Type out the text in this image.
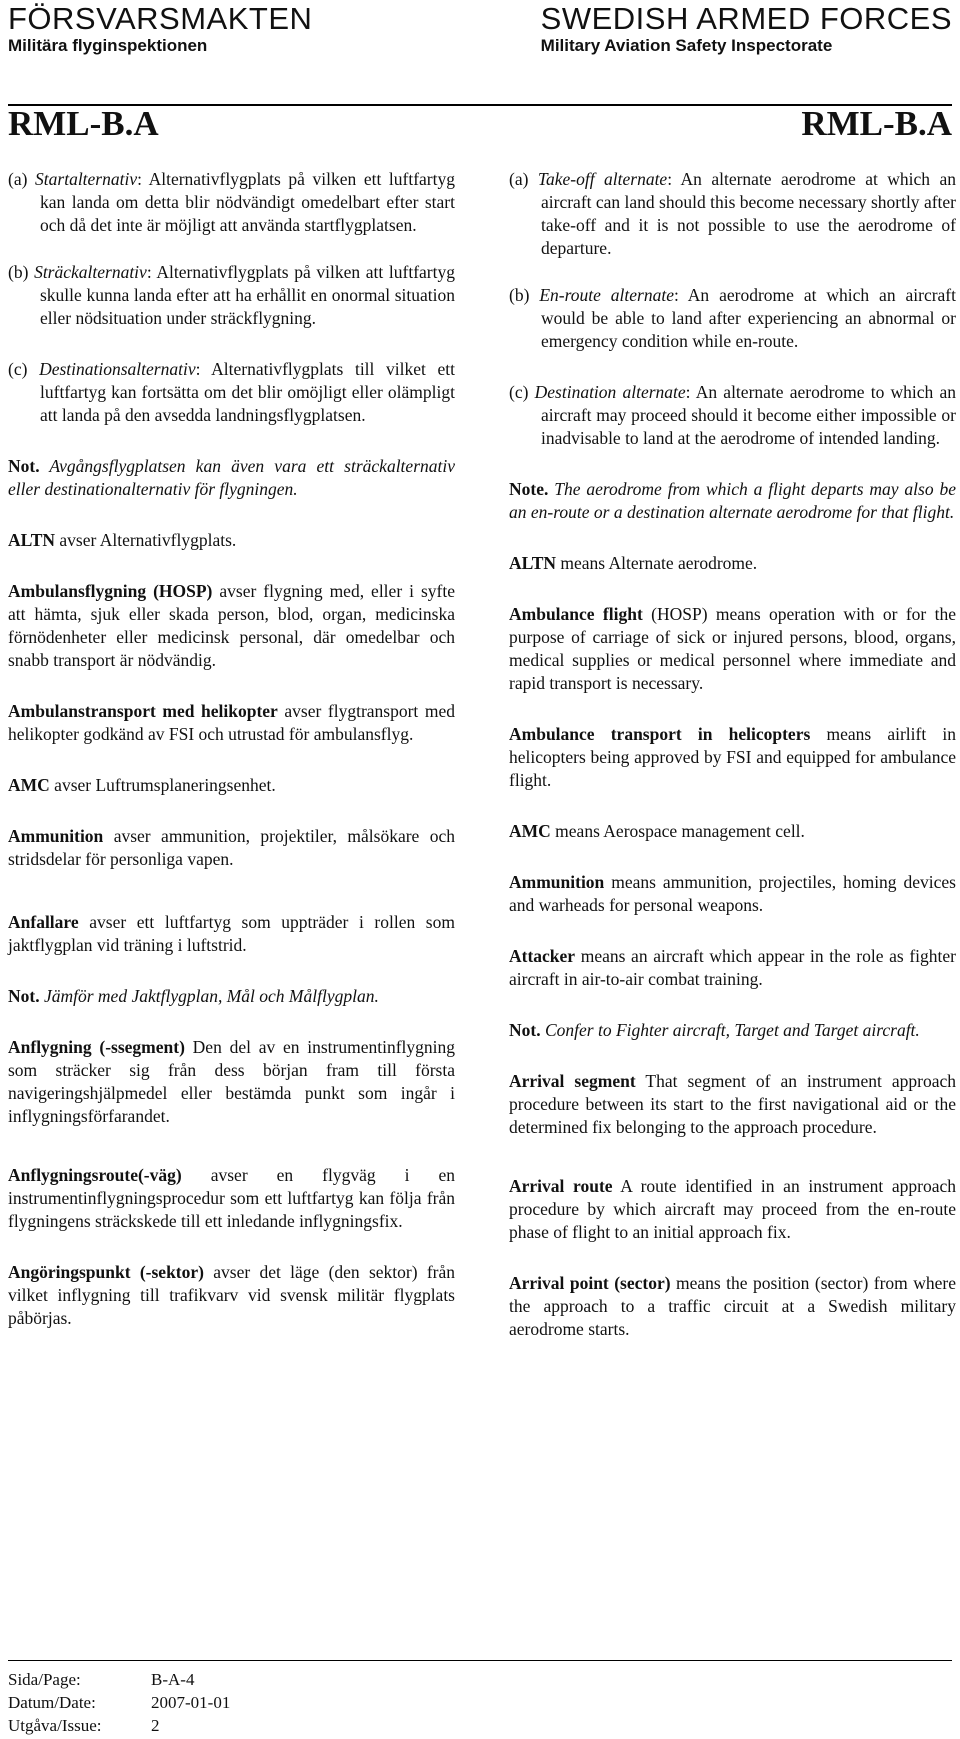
FÖRSVARSMAKTEN
Militära flyginspektionen
SWEDISH ARMED FORCES
Military Aviation Safety Inspectorate
RML-B.A	RML-B.A
(a) Startalternativ: Alternativflygplats på vilken ett luftfartyg kan landa om detta blir nödvändigt omedelbart efter start och då det inte är möjligt att använda startflygplatsen.
(b) Sträckalternativ: Alternativflygplats på vilken att luftfartyg skulle kunna landa efter att ha erhållit en onormal situation eller nödsituation under sträckflygning.
(c) Destinationsalternativ: Alternativflygplats till vilket ett luftfartyg kan fortsätta om det blir omöjligt eller olämpligt att landa på den avsedda landningsflygplatsen.
Not. Avgångsflygplatsen kan även vara ett sträckalternativ eller destinationalternativ för flygningen.
ALTN avser Alternativflygplats.
Ambulansflygning (HOSP) avser flygning med, eller i syfte att hämta, sjuk eller skada person, blod, organ, medicinska förnödenheter eller medicinsk personal, där omedelbar och snabb transport är nödvändig.
Ambulanstransport med helikopter avser flygtransport med helikopter godkänd av FSI och utrustad för ambulansflyg.
AMC avser Luftrumsplaneringsenhet.
Ammunition avser ammunition, projektiler, målsökare och stridsdelar för personliga vapen.
Anfallare avser ett luftfartyg som uppträder i rollen som jaktflygplan vid träning i luftstrid.
Not. Jämför med Jaktflygplan, Mål och Målflygplan.
Anflygning (-ssegment) Den del av en instrumentinflygning som sträcker sig från dess början fram till första navigeringshjälpmedel eller bestämda punkt som ingår i inflygningsförfarandet.
Anflygningsroute(-väg) avser en flygväg i en instrumentinflygningsprocedur som ett luftfartyg kan följa från flygningens sträckskede till ett inledande inflygningsfix.
Angöringspunkt (-sektor) avser det läge (den sektor) från vilket inflygning till trafikvarv vid svensk militär flygplats påbörjas.
(a) Take-off alternate: An alternate aerodrome at which an aircraft can land should this become necessary shortly after take-off and it is not possible to use the aerodrome of departure.
(b) En-route alternate: An aerodrome at which an aircraft would be able to land after experiencing an abnormal or emergency condition while en-route.
(c) Destination alternate: An alternate aerodrome to which an aircraft may proceed should it become either impossible or inadvisable to land at the aerodrome of intended landing.
Note. The aerodrome from which a flight departs may also be an en-route or a destination alternate aerodrome for that flight.
ALTN means Alternate aerodrome.
Ambulance flight (HOSP) means operation with or for the purpose of carriage of sick or injured persons, blood, organs, medical supplies or medical personnel where immediate and rapid transport is necessary.
Ambulance transport in helicopters means airlift in helicopters being approved by FSI and equipped for ambulance flight.
AMC means Aerospace management cell.
Ammunition means ammunition, projectiles, homing devices and warheads for personal weapons.
Attacker means an aircraft which appear in the role as fighter aircraft in air-to-air combat training.
Not. Confer to Fighter aircraft, Target and Target aircraft.
Arrival segment That segment of an instrument approach procedure between its start to the first navigational aid or the determined fix belonging to the approach procedure.
Arrival route A route identified in an instrument approach procedure by which aircraft may proceed from the en-route phase of flight to an initial approach fix.
Arrival point (sector) means the position (sector) from where the approach to a traffic circuit at a Swedish military aerodrome starts.
Sida/Page:	B-A-4
Datum/Date:	2007-01-01
Utgåva/Issue:	2
